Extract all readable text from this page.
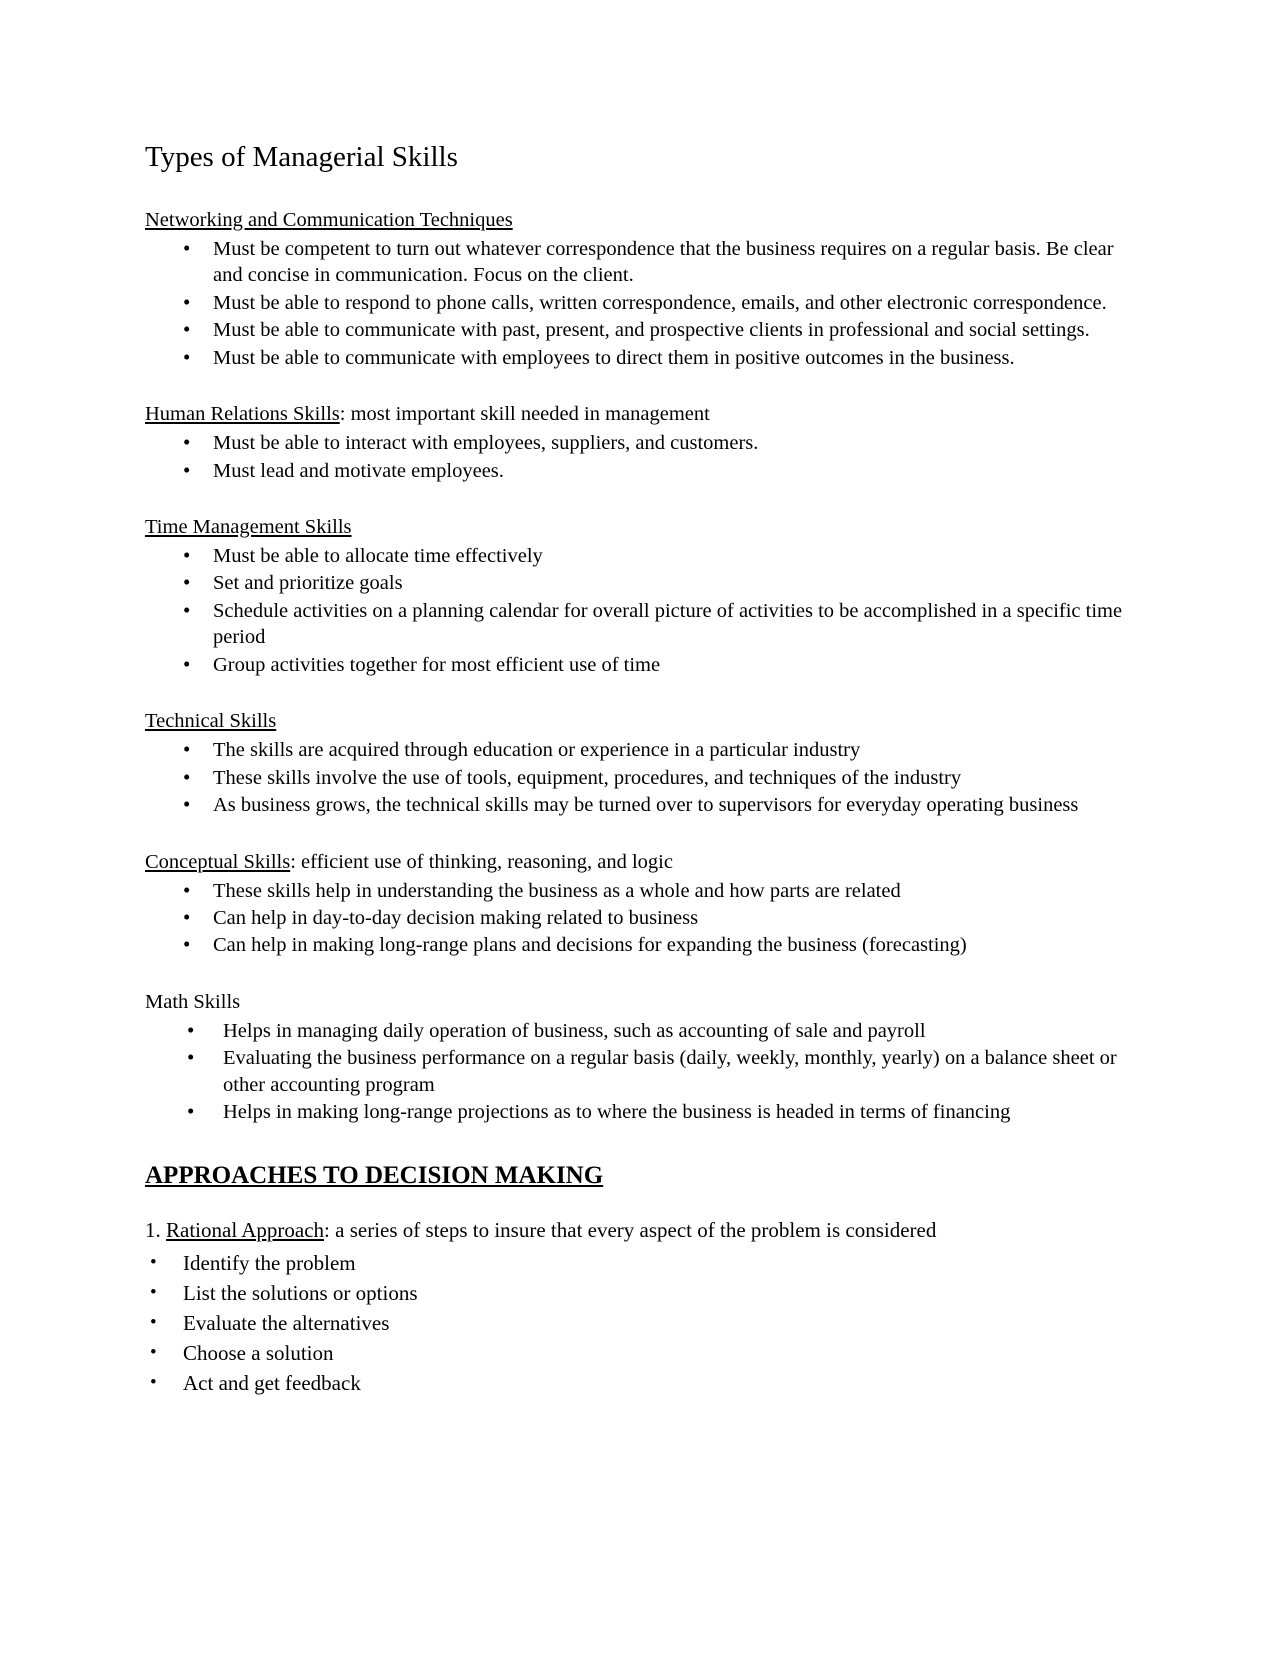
Types of Managerial Skills
Networking and Communication Techniques
• Must be competent to turn out whatever correspondence that the business requires on a regular basis. Be clear and concise in communication. Focus on the client.
• Must be able to respond to phone calls, written correspondence, emails, and other electronic correspondence.
• Must be able to communicate with past, present, and prospective clients in professional and social settings.
• Must be able to communicate with employees to direct them in positive outcomes in the business.
Human Relations Skills: most important skill needed in management
• Must be able to interact with employees, suppliers, and customers.
• Must lead and motivate employees.
Time Management Skills
• Must be able to allocate time effectively
• Set and prioritize goals
• Schedule activities on a planning calendar for overall picture of activities to be accomplished in a specific time period
• Group activities together for most efficient use of time
Technical Skills
• The skills are acquired through education or experience in a particular industry
• These skills involve the use of tools, equipment, procedures, and techniques of the industry
• As business grows, the technical skills may be turned over to supervisors for everyday operating business
Conceptual Skills: efficient use of thinking, reasoning, and logic
• These skills help in understanding the business as a whole and how parts are related
• Can help in day-to-day decision making related to business
• Can help in making long-range plans and decisions for expanding the business (forecasting)
Math Skills
• Helps in managing daily operation of business, such as accounting of sale and payroll
• Evaluating the business performance on a regular basis (daily, weekly, monthly, yearly) on a balance sheet or other accounting program
• Helps in making long-range projections as to where the business is headed in terms of financing
APPROACHES TO DECISION MAKING
1. Rational Approach: a series of steps to insure that every aspect of the problem is considered
• Identify the problem
• List the solutions or options
• Evaluate the alternatives
• Choose a solution
• Act and get feedback
